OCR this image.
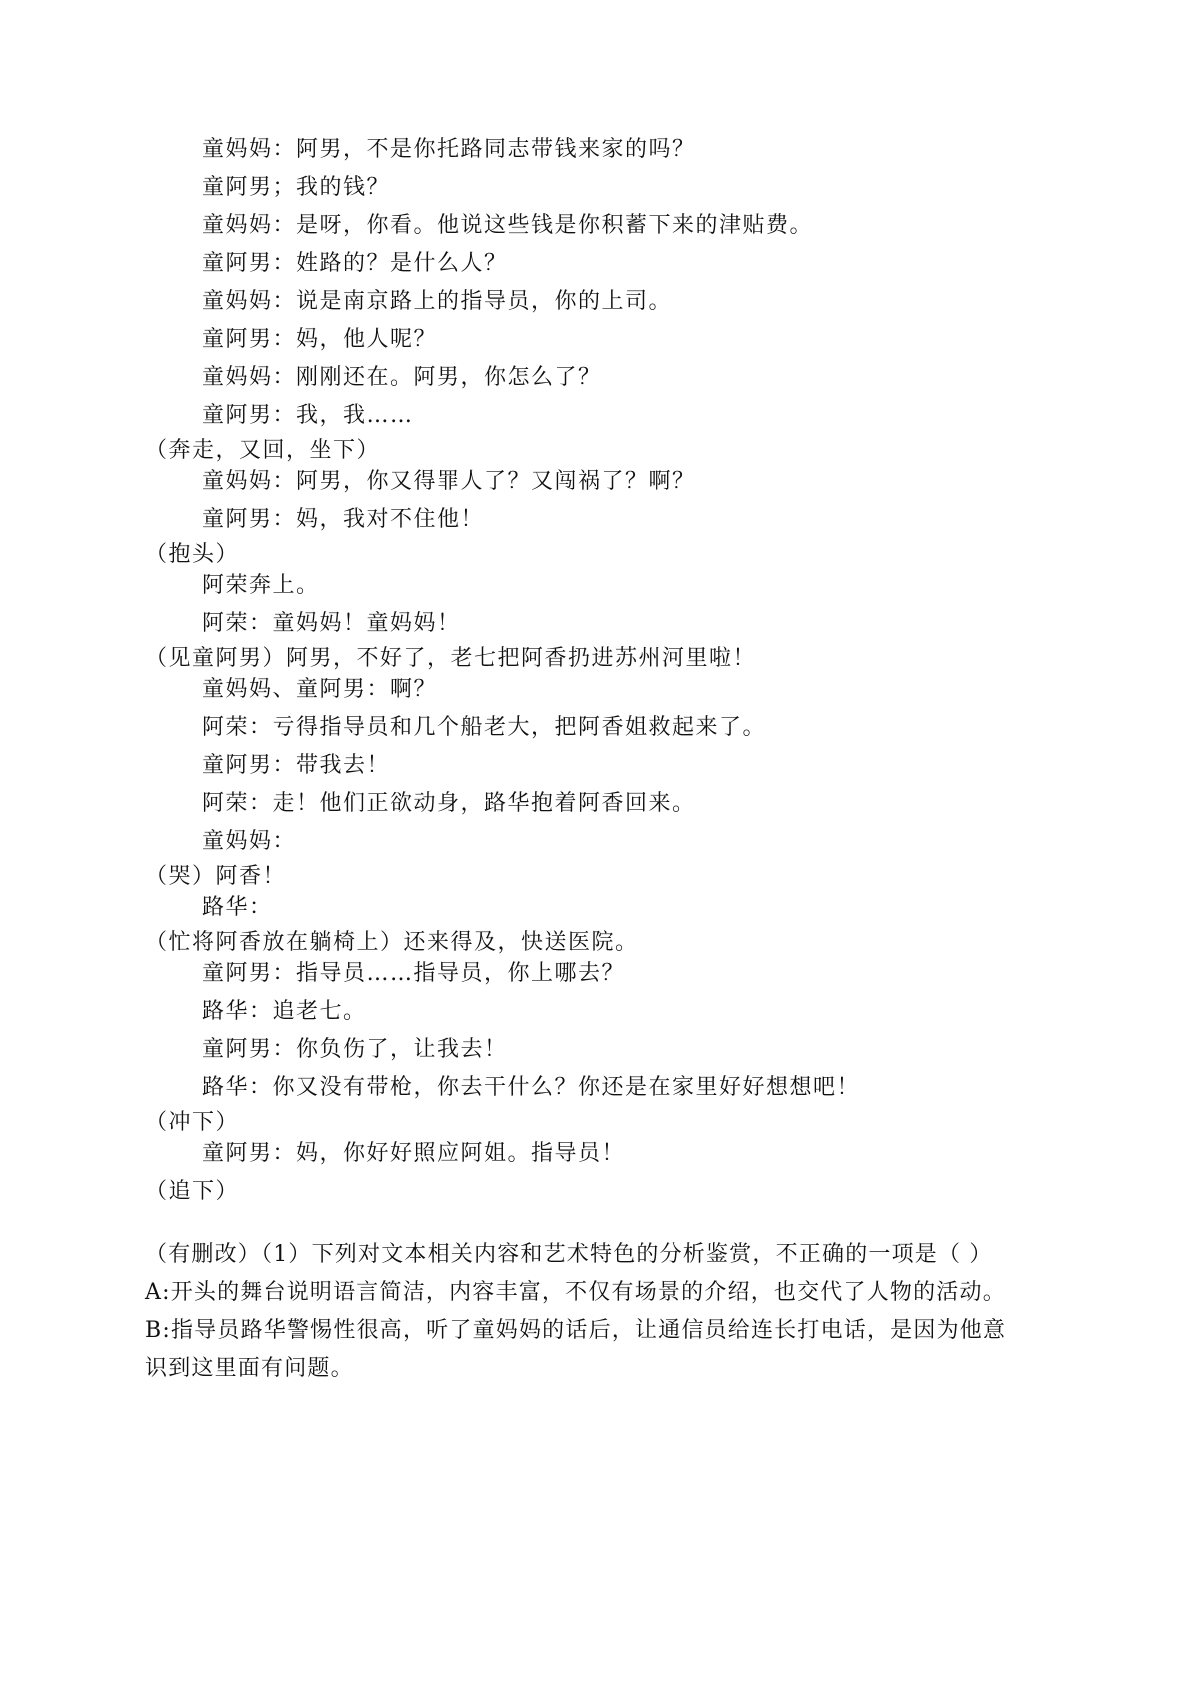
童妈妈：阿男，不是你托路同志带钱来家的吗？
童阿男；我的钱？
童妈妈：是呀，你看。他说这些钱是你积蓄下来的津贴费。
童阿男：姓路的？是什么人？
童妈妈：说是南京路上的指导员，你的上司。
童阿男：妈，他人呢？
童妈妈：刚刚还在。阿男，你怎么了？
童阿男：我，我……
（奔走，又回，坐下）
童妈妈：阿男，你又得罪人了？又闯祸了？啊？
童阿男：妈，我对不住他！
（抱头）
阿荣奔上。
阿荣：童妈妈！童妈妈！
（见童阿男）阿男，不好了，老七把阿香扔进苏州河里啦！
童妈妈、童阿男：啊？
阿荣：亏得指导员和几个船老大，把阿香姐救起来了。
童阿男：带我去！
阿荣：走！他们正欲动身，路华抱着阿香回来。
童妈妈：
（哭）阿香！
路华：
（忙将阿香放在躺椅上）还来得及，快送医院。
童阿男：指导员……指导员，你上哪去？
路华：追老七。
童阿男：你负伤了，让我去！
路华：你又没有带枪，你去干什么？你还是在家里好好想想吧！
（冲下）
童阿男：妈，你好好照应阿姐。指导员！
（追下）
（有删改）（1）下列对文本相关内容和艺术特色的分析鉴赏，不正确的一项是（ ）
A:开头的舞台说明语言简洁，内容丰富，不仅有场景的介绍，也交代了人物的活动。
B:指导员路华警惕性很高，听了童妈妈的话后，让通信员给连长打电话，是因为他意
识到这里面有问题。
